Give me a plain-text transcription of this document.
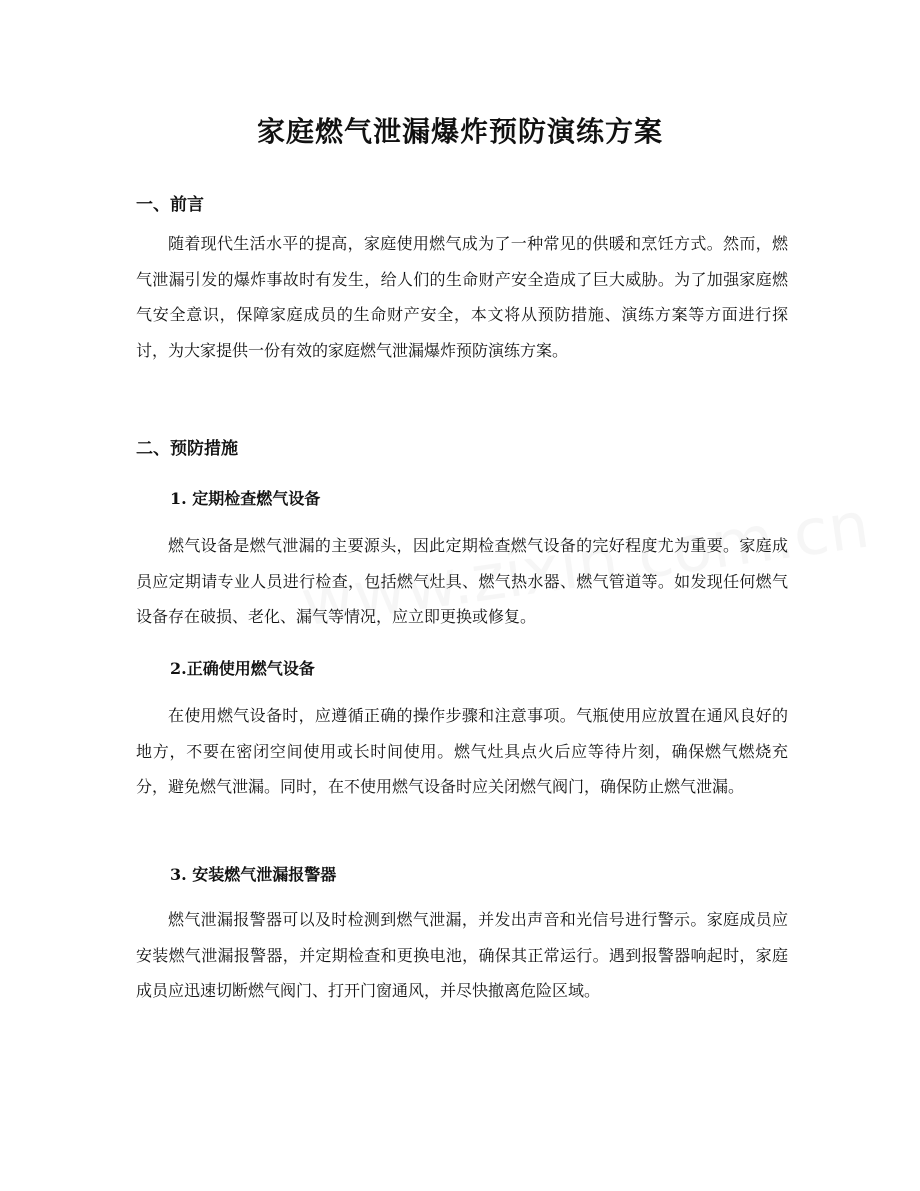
家庭燃气泄漏爆炸预防演练方案
一、前言

随着现代生活水平的提高，家庭使用燃气成为了一种常见的供暖和烹饪方式。然而，燃气泄漏引发的爆炸事故时有发生，给人们的生命财产安全造成了巨大威胁。为了加强家庭燃气安全意识，保障家庭成员的生命财产安全，本文将从预防措施、演练方案等方面进行探讨，为大家提供一份有效的家庭燃气泄漏爆炸预防演练方案。

二、预防措施
1. 定期检查燃气设备

燃气设备是燃气泄漏的主要源头，因此定期检查燃气设备的完好程度尤为重要。家庭成员应定期请专业人员进行检查，包括燃气灶具、燃气热水器、燃气管道等。如发现任何燃气设备存在破损、老化、漏气等情况，应立即更换或修复。

2.正确使用燃气设备

在使用燃气设备时，应遵循正确的操作步骤和注意事项。气瓶使用应放置在通风良好的地方，不要在密闭空间使用或长时间使用。燃气灶具点火后应等待片刻，确保燃气燃烧充分，避免燃气泄漏。同时，在不使用燃气设备时应关闭燃气阀门，确保防止燃气泄漏。

3. 安装燃气泄漏报警器

燃气泄漏报警器可以及时检测到燃气泄漏，并发出声音和光信号进行警示。家庭成员应安装燃气泄漏报警器，并定期检查和更换电池，确保其正常运行。遇到报警器响起时，家庭成员应迅速切断燃气阀门、打开门窗通风，并尽快撤离危险区域。
